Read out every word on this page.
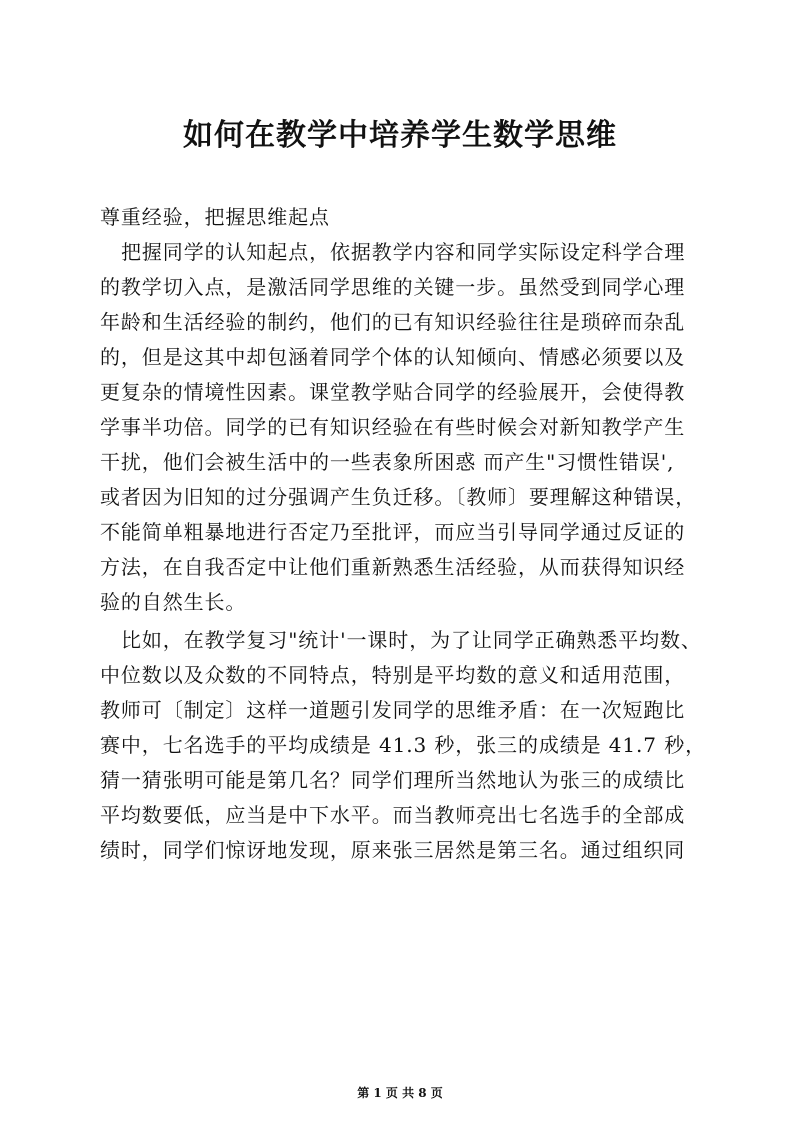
如何在教学中培养学生数学思维
尊重经验，把握思维起点
把握同学的认知起点，依据教学内容和同学实际设定科学合理
的教学切入点，是激活同学思维的关键一步。虽然受到同学心理
年龄和生活经验的制约，他们的已有知识经验往往是琐碎而杂乱
的，但是这其中却包涵着同学个体的认知倾向、情感必须要以及
更复杂的情境性因素。课堂教学贴合同学的经验展开，会使得教
学事半功倍。同学的已有知识经验在有些时候会对新知教学产生
干扰，他们会被生活中的一些表象所困惑 而产生"习惯性错误',
或者因为旧知的过分强调产生负迁移。〔教师〕要理解这种错误，
不能简单粗暴地进行否定乃至批评，而应当引导同学通过反证的
方法，在自我否定中让他们重新熟悉生活经验，从而获得知识经
验的自然生长。
比如，在教学复习"统计'一课时，为了让同学正确熟悉平均数、
中位数以及众数的不同特点，特别是平均数的意义和适用范围，
教师可〔制定〕这样一道题引发同学的思维矛盾：在一次短跑比
赛中，七名选手的平均成绩是 41.3 秒，张三的成绩是 41.7 秒，
猜一猜张明可能是第几名？同学们理所当然地认为张三的成绩比
平均数要低，应当是中下水平。而当教师亮出七名选手的全部成
绩时，同学们惊讶地发现，原来张三居然是第三名。通过组织同
第 1 页 共 8 页
